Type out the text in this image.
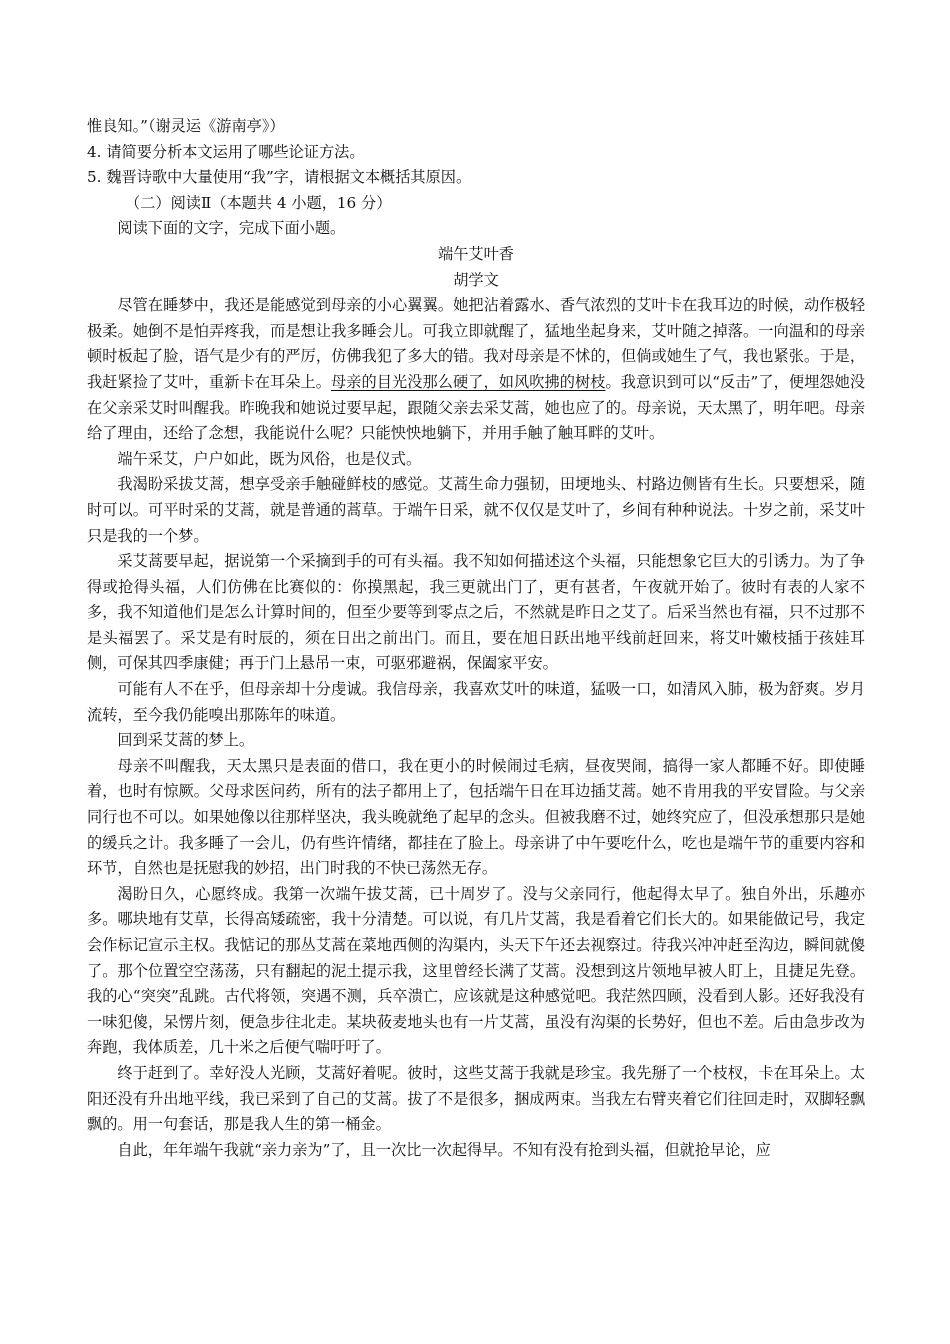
惟良知。”（谢灵运《游南亭》）

4. 请简要分析本文运用了哪些论证方法。

5. 魏晋诗歌中大量使用“我”字，请根据文本概括其原因。

（二）阅读Ⅱ（本题共 4 小题，16 分）

阅读下面的文字，完成下面小题。

端午艾叶香

胡学文

尽管在睡梦中，我还是能感觉到母亲的小心翼翼。她把沾着露水、香气浓烈的艾叶卡在我耳边的时候，动作极轻极柔。她倒不是怕弄疼我，而是想让我多睡会儿。可我立即就醒了，猛地坐起身来，艾叶随之掉落。一向温和的母亲顿时板起了脸，语气是少有的严厉，仿佛我犯了多大的错。我对母亲是不怵的，但倘或她生了气，我也紧张。于是，我赶紧捡了艾叶，重新卡在耳朵上。母亲的目光没那么硬了，如风吹拂的树枝。我意识到可以“反击”了，便埋怨她没在父亲采艾时叫醒我。昨晚我和她说过要早起，跟随父亲去采艾蒿，她也应了的。母亲说，天太黑了，明年吧。母亲给了理由，还给了念想，我能说什么呢？只能怏怏地躺下，并用手触了触耳畔的艾叶。

端午采艾，户户如此，既为风俗，也是仪式。

我渴盼采拔艾蒿，想享受亲手触碰鲜枝的感觉。艾蒿生命力强韧，田埂地头、村路边侧皆有生长。只要想采，随时可以。可平时采的艾蒿，就是普通的蒿草。于端午日采，就不仅仅是艾叶了，乡间有种种说法。十岁之前，采艾叶只是我的一个梦。

采艾蒿要早起，据说第一个采摘到手的可有头福。我不知如何描述这个头福，只能想象它巨大的引诱力。为了争得或抢得头福，人们仿佛在比赛似的：你摸黑起，我三更就出门了，更有甚者，午夜就开始了。彼时有表的人家不多，我不知道他们是怎么计算时间的，但至少要等到零点之后，不然就是昨日之艾了。后采当然也有福，只不过那不是头福罢了。采艾是有时辰的，须在日出之前出门。而且，要在旭日跃出地平线前赶回来，将艾叶嫩枝插于孩娃耳侧，可保其四季康健；再于门上悬吊一束，可驱邪避祸，保阖家平安。

可能有人不在乎，但母亲却十分虔诚。我信母亲，我喜欢艾叶的味道，猛吸一口，如清风入肺，极为舒爽。岁月流转，至今我仍能嗅出那陈年的味道。

回到采艾蒿的梦上。

母亲不叫醒我，天太黑只是表面的借口，我在更小的时候闹过毛病，昼夜哭闹，搞得一家人都睡不好。即使睡着，也时有惊厥。父母求医问药，所有的法子都用上了，包括端午日在耳边插艾蒿。她不肯用我的平安冒险。与父亲同行也不可以。如果她像以往那样坚决，我头晚就绝了起早的念头。但被我磨不过，她终究应了，但没承想那只是她的缓兵之计。我多睡了一会儿，仍有些许情绪，都挂在了脸上。母亲讲了中午要吃什么，吃也是端午节的重要内容和环节，自然也是抚慰我的妙招，出门时我的不快已荡然无存。

渴盼日久，心愿终成。我第一次端午拔艾蒿，已十周岁了。没与父亲同行，他起得太早了。独自外出，乐趣亦多。哪块地有艾草，长得高矮疏密，我十分清楚。可以说，有几片艾蒿，我是看着它们长大的。如果能做记号，我定会作标记宣示主权。我惦记的那丛艾蒿在菜地西侧的沟渠内，头天下午还去视察过。待我兴冲冲赶至沟边，瞬间就傻了。那个位置空空荡荡，只有翻起的泥土提示我，这里曾经长满了艾蒿。没想到这片领地早被人盯上，且捷足先登。我的心“突突”乱跳。古代将领，突遇不测，兵卒溃亡，应该就是这种感觉吧。我茫然四顾，没看到人影。还好我没有一味犯傻，呆愣片刻，便急步往北走。某块莜麦地头也有一片艾蒿，虽没有沟渠的长势好，但也不差。后由急步改为奔跑，我体质差，几十米之后便气喘吁吁了。

终于赶到了。幸好没人光顾，艾蒿好着呢。彼时，这些艾蒿于我就是珍宝。我先掰了一个枝杈，卡在耳朵上。太阳还没有升出地平线，我已采到了自己的艾蒿。拔了不是很多，捆成两束。当我左右臂夹着它们往回走时，双脚轻飘飘的。用一句套话，那是我人生的第一桶金。

自此，年年端午我就“亲力亲为”了，且一次比一次起得早。不知有没有抢到头福，但就抢早论，应
